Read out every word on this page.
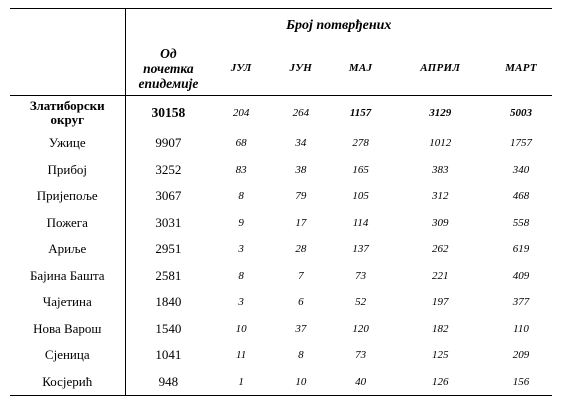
	Број потврђених					
	Од
почетка
епидемије	ЈУЛ	ЈУН	МАЈ	АПРИЛ	МАРТ
Златиборски
округ	30158	204	264	1157	3129	5003
Ужице	9907	68	34	278	1012	1757
Прибој	3252	83	38	165	383	340
Пријепоље	3067	8	79	105	312	468
Пожега	3031	9	17	114	309	558
Ариље	2951	3	28	137	262	619
Бајина Башта	2581	8	7	73	221	409
Чајетина	1840	3	6	52	197	377
Нова Варош	1540	10	37	120	182	110
Сјеница	1041	11	8	73	125	209
Косјерић	948	1	10	40	126	156
